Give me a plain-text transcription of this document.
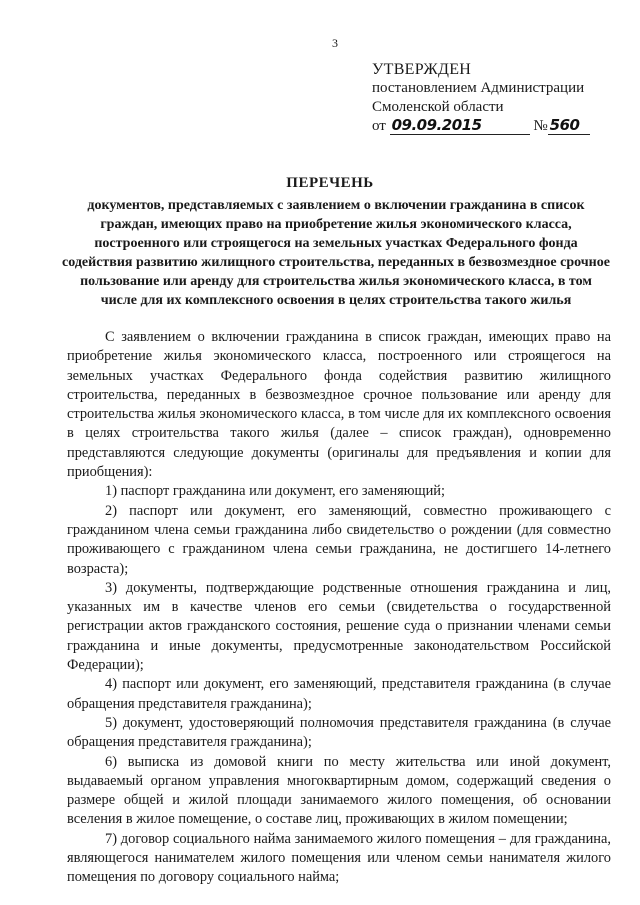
3
УТВЕРЖДЕН
постановлением Администрации
Смоленской области
от 09.09.2015	№ 560
ПЕРЕЧЕНЬ
документов, представляемых с заявлением о включении гражданина в список граждан, имеющих право на приобретение жилья экономического класса, построенного или строящегося на земельных участках Федерального фонда содействия развитию жилищного строительства, переданных в безвозмездное срочное пользование или аренду для строительства жилья экономического класса, в том числе для их комплексного освоения в целях строительства такого жилья

С заявлением о включении гражданина в список граждан, имеющих право на приобретение жилья экономического класса, построенного или строящегося на земельных участках Федерального фонда содействия развитию жилищного строительства, переданных в безвозмездное срочное пользование или аренду для строительства жилья экономического класса, в том числе для их комплексного освоения в целях строительства такого жилья (далее – список граждан), одновременно представляются следующие документы (оригиналы для предъявления и копии для приобщения):

1) паспорт гражданина или документ, его заменяющий;

2) паспорт или документ, его заменяющий, совместно проживающего с гражданином члена семьи гражданина либо свидетельство о рождении (для совместно проживающего с гражданином члена семьи гражданина, не достигшего 14-летнего возраста);

3) документы, подтверждающие родственные отношения гражданина и лиц, указанных им в качестве членов его семьи (свидетельства о государственной регистрации актов гражданского состояния, решение суда о признании членами семьи гражданина и иные документы, предусмотренные законодательством Российской Федерации);

4) паспорт или документ, его заменяющий, представителя гражданина (в случае обращения представителя гражданина);

5) документ, удостоверяющий полномочия представителя гражданина (в случае обращения представителя гражданина);

6) выписка из домовой книги по месту жительства или иной документ, выдаваемый органом управления многоквартирным домом, содержащий сведения о размере общей и жилой площади занимаемого жилого помещения, об основании вселения в жилое помещение, о составе лиц, проживающих в жилом помещении;

7) договор социального найма занимаемого жилого помещения – для гражданина, являющегося нанимателем жилого помещения или членом семьи нанимателя жилого помещения по договору социального найма;
